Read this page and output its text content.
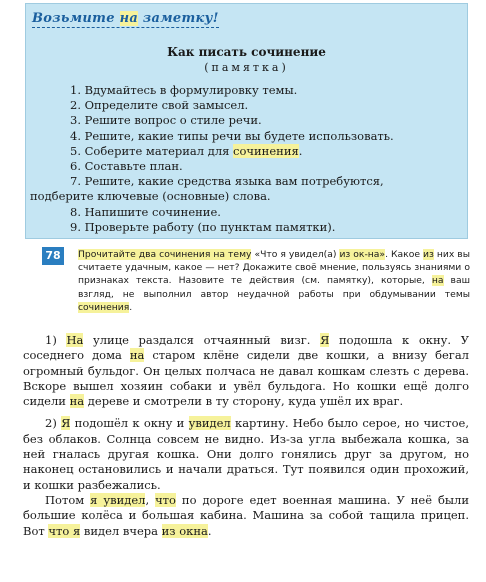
Возьмите на заметку!
Как писать сочинение
(памятка)
1. Вдумайтесь в формулировку темы.
2. Определите свой замысел.
3. Решите вопрос о стиле речи.
4. Решите, какие типы речи вы будете использовать.
5. Соберите материал для сочинения.
6. Составьте план.
7. Решите, какие средства языка вам потребуются,
подберите ключевые (основные) слова.
8. Напишите сочинение.
9. Проверьте работу (по пунктам памятки).
78	Прочитайте два сочинения на тему «Что я увидел(а) из ок-на». Какое из них вы считаете удачным, какое — нет? Докажите своё мнение, пользуясь знаниями о признаках текста. Назовите те действия (см. памятку), которые, на ваш взгляд, не выполнил автор неудачной работы при обдумывании темы сочинения.

1) На улице раздался отчаянный визг. Я подошла к окну. У соседнего дома на старом клёне сидели две кошки, а внизу бегал огромный бульдог. Он целых полчаса не давал кошкам слезть с дерева. Вскоре вышел хозяин собаки и увёл бульдога. Но кошки ещё долго сидели на дереве и смотрели в ту сторону, куда ушёл их враг.

2) Я подошёл к окну и увидел картину. Небо было серое, но чистое, без облаков. Солнца совсем не видно. Из-за угла выбежала кошка, за ней гналась другая кошка. Они долго гонялись друг за другом, но наконец остановились и начали драться. Тут появился один прохожий, и кошки разбежались.

Потом я увидел, что по дороге едет военная машина. У неё были большие колёса и большая кабина. Машина за собой тащила прицеп. Вот что я видел вчера из окна.
